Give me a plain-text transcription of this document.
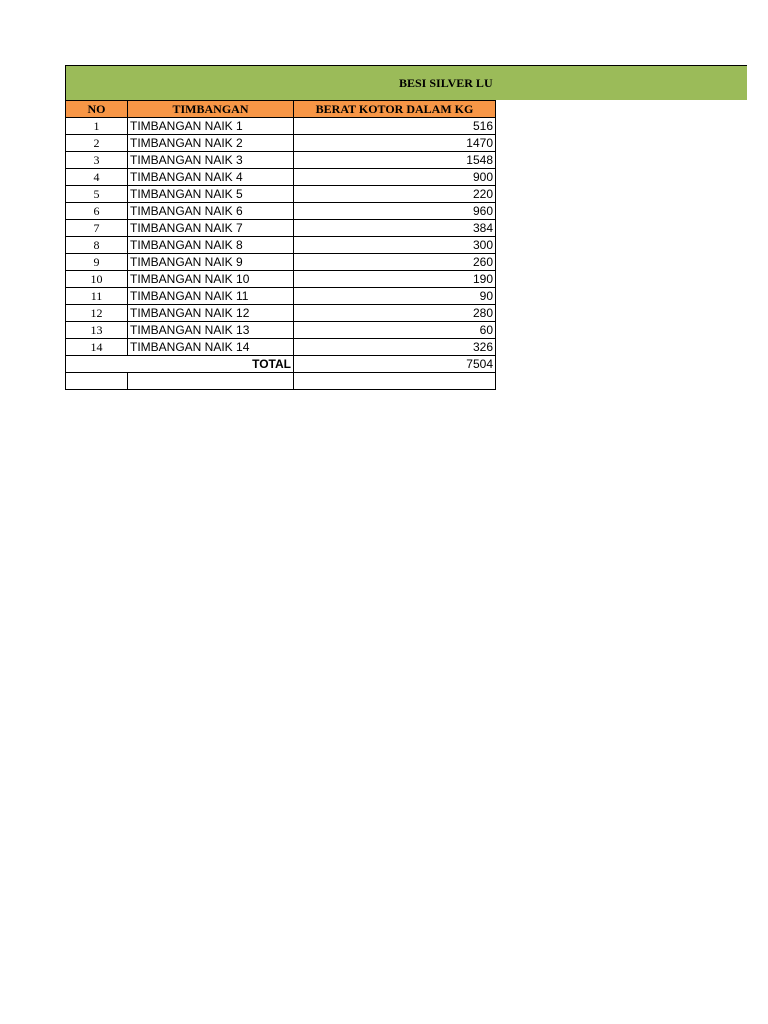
BESI SILVER LU
NO	TIMBANGAN	BERAT KOTOR DALAM KG
1	TIMBANGAN NAIK 1	516
2	TIMBANGAN NAIK 2	1470
3	TIMBANGAN NAIK 3	1548
4	TIMBANGAN NAIK 4	900
5	TIMBANGAN NAIK 5	220
6	TIMBANGAN NAIK 6	960
7	TIMBANGAN NAIK 7	384
8	TIMBANGAN NAIK 8	300
9	TIMBANGAN NAIK 9	260
10	TIMBANGAN NAIK 10	190
11	TIMBANGAN NAIK 11	90
12	TIMBANGAN NAIK 12	280
13	TIMBANGAN NAIK 13	60
14	TIMBANGAN NAIK 14	326
TOTAL		7504
